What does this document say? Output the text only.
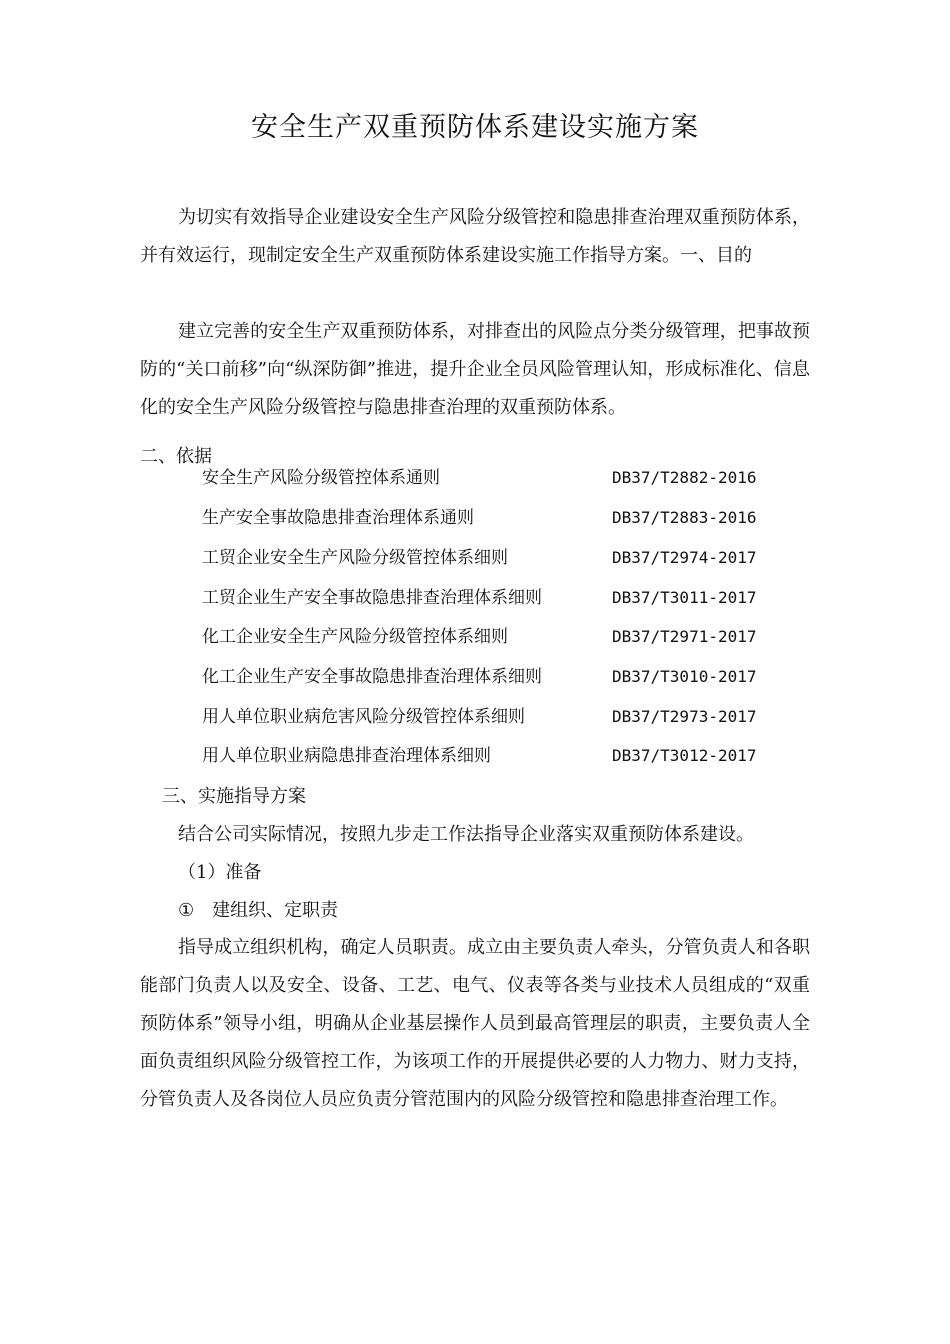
安全生产双重预防体系建设实施方案
为切实有效指导企业建设安全生产风险分级管控和隐患排查治理双重预防体系，并有效运行，现制定安全生产双重预防体系建设实施工作指导方案。一、目的
建立完善的安全生产双重预防体系，对排查出的风险点分类分级管理，把事故预防的“关口前移”向“纵深防御”推进，提升企业全员风险管理认知，形成标准化、信息化的安全生产风险分级管控与隐患排查治理的双重预防体系。
二、依据
安全生产风险分级管控体系通则	DB37/T2882-2016
生产安全事故隐患排查治理体系通则	DB37/T2883-2016
工贸企业安全生产风险分级管控体系细则	DB37/T2974-2017
工贸企业生产安全事故隐患排查治理体系细则	DB37/T3011-2017
化工企业安全生产风险分级管控体系细则	DB37/T2971-2017
化工企业生产安全事故隐患排查治理体系细则	DB37/T3010-2017
用人单位职业病危害风险分级管控体系细则	DB37/T2973-2017
用人单位职业病隐患排查治理体系细则	DB37/T3012-2017
三、实施指导方案
结合公司实际情况，按照九步走工作法指导企业落实双重预防体系建设。
（1）准备
① 建组织、定职责
指导成立组织机构，确定人员职责。成立由主要负责人牵头，分管负责人和各职能部门负责人以及安全、设备、工艺、电气、仪表等各类与业技术人员组成的“双重预防体系”领导小组，明确从企业基层操作人员到最高管理层的职责，主要负责人全面负责组织风险分级管控工作，为该项工作的开展提供必要的人力物力、财力支持，分管负责人及各岗位人员应负责分管范围内的风险分级管控和隐患排查治理工作。
